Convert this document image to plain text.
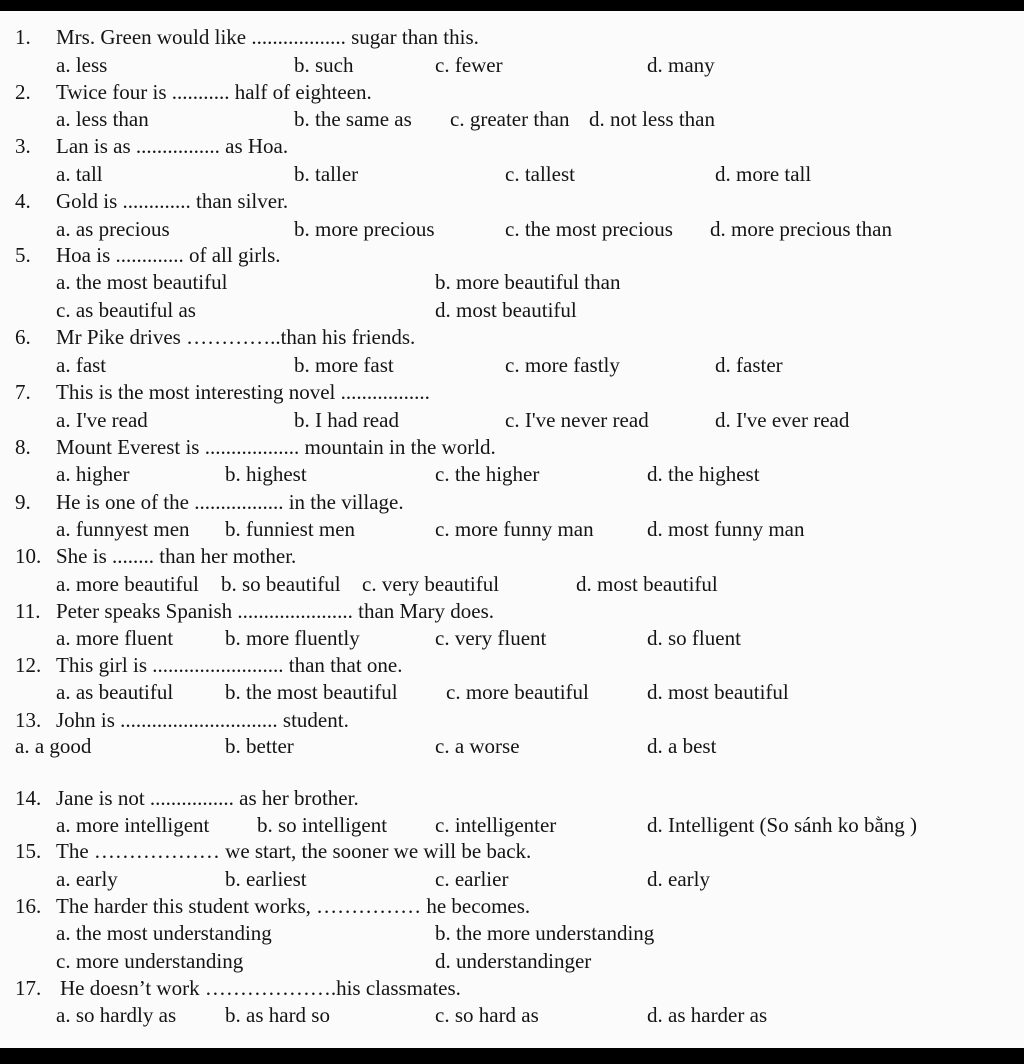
1. Mrs. Green would like .................. sugar than this.
a. less	b. such	c. fewer	d. many
2. Twice four is ........... half of eighteen.
a. less than	b. the same as c. greater than d. not less than
3. Lan is as ................ as Hoa.
a. tall	b. taller	c. tallest	d. more tall
4. Gold is ............. than silver.
a. as precious	b. more precious	c. the most precious d. more precious than
5. Hoa is ............. of all girls.
a. the most beautiful	b. more beautiful than
c. as beautiful as	d. most beautiful
6. Mr Pike drives …………..than his friends.
a. fast	b. more fast	c. more fastly	d. faster
7. This is the most interesting novel .................
a. I've read	b. I had read	c. I've never read	d. I've ever read
8. Mount Everest is .................. mountain in the world.
a. higher	b. highest	c. the higher	d. the highest
9. He is one of the ................. in the village.
a. funnyest men b. funniest men	c. more funny man	d. most funny man
10. She is ........ than her mother.
a. more beautiful b. so beautiful c. very beautiful	d. most beautiful
11. Peter speaks Spanish ...................... than Mary does.
a. more fluent b. more fluently	c. very fluent	d. so fluent
12. This girl is ......................... than that one.
a. as beautiful b. the most beautiful c. more beautiful	d. most beautiful
13. John is .............................. student.
a. a good	b. better	c. a worse	d. a best
14. Jane is not ................ as her brother.
a. more intelligent b. so intelligent c. intelligenter	d. Intelligent (So sánh ko bằng )
15. The ……………… we start, the sooner we will be back.
a. early	b. earliest	c. earlier	d. early
16. The harder this student works, …………… he becomes.
a. the most understanding	b. the more understanding
c. more understanding	d. understandinger
17. He doesn’t work ……………….his classmates.
a. so hardly as b. as hard so	c. so hard as	d. as harder as
